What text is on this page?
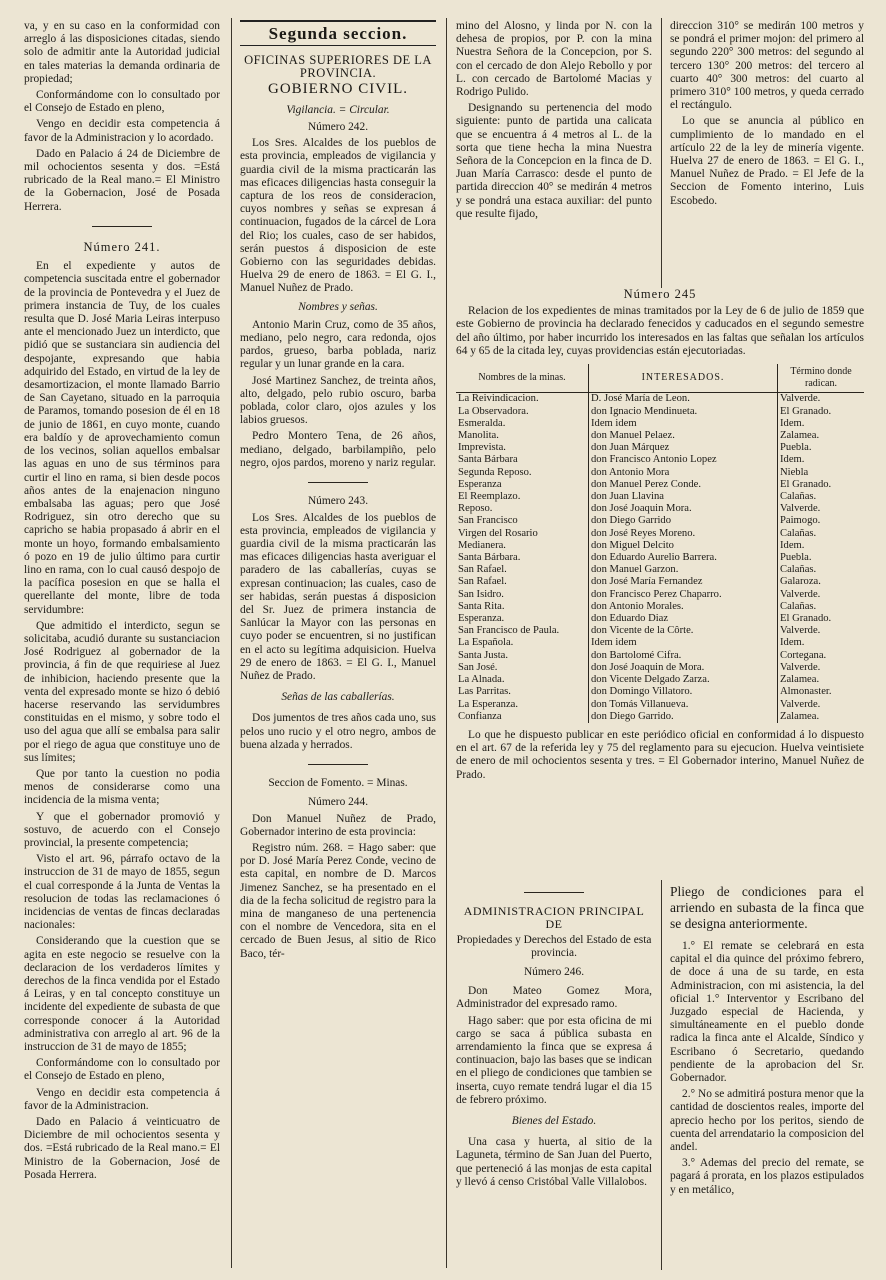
va, y en su caso en la conformidad con arreglo á las disposiciones citadas, siendo solo de admitir ante la Autoridad judicial en tales materias la demanda ordinaria de propiedad;

Conformándome con lo consultado por el Consejo de Estado en pleno,

Vengo en decidir esta competencia á favor de la Administracion y lo acordado.

Dado en Palacio á 24 de Diciembre de mil ochocientos sesenta y dos. =Está rubricado de la Real mano.= El Ministro de la Gobernacion, José de Posada Herrera.

Número 241.

En el expediente y autos de competencia suscitada entre el gobernador de la provincia de Pontevedra y el Juez de primera instancia de Tuy, de los cuales resulta que D. José Maria Leiras interpuso ante el mencionado Juez un interdicto, que pidió que se sustanciara sin audiencia del despojante, expresando que habia adquirido del Estado, en virtud de la ley de desamortizacion, el monte llamado Barrio de San Cayetano, situado en la parroquia de Paramos, tomando posesion de él en 18 de junio de 1861, en cuyo monte, cuando era baldío y de aprovechamiento comun de los vecinos, solian aquellos embalsar las aguas en uno de sus términos para curtir el lino en rama, si bien desde pocos años antes de la enajenacion ninguno embalsaba las aguas; pero que José Rodriguez, sin otro derecho que su capricho se habia propasado á abrir en el monte un hoyo, formando embalsamiento ó pozo en 19 de julio último para curtir lino en rama, con lo cual causó despojo de la pacífica posesion en que se halla el querellante del monte, libre de toda servidumbre:

Que admitido el interdicto, segun se solicitaba, acudió durante su sustanciacion José Rodriguez al gobernador de la provincia, á fin de que requiriese al Juez de inhibicion, haciendo presente que la venta del expresado monte se hizo ó debió hacerse reservando las servidumbres constituidas en el mismo, y sobre todo el uso del agua que allí se embalsa para salir por el riego de agua que constituye uno de sus límites;

Que por tanto la cuestion no podia menos de considerarse como una incidencia de la misma venta;

Y que el gobernador promovió y sostuvo, de acuerdo con el Consejo provincial, la presente competencia;

Visto el art. 96, párrafo octavo de la instruccion de 31 de mayo de 1855, segun el cual corresponde á la Junta de Ventas la resolucion de todas las reclamaciones ó incidencias de ventas de fincas declaradas nacionales:

Considerando que la cuestion que se agita en este negocio se resuelve con la declaracion de los verdaderos límites y derechos de la finca vendida por el Estado á Leiras, y en tal concepto constituye un incidente del expediente de subasta de que corresponde conocer á la Autoridad administrativa con arreglo al art. 96 de la instruccion de 31 de mayo de 1855;

Conformándome con lo consultado por el Consejo de Estado en pleno,

Vengo en decidir esta competencia á favor de la Administracion.

Dado en Palacio á veinticuatro de Diciembre de mil ochocientos sesenta y dos. =Está rubricado de la Real mano.= El Ministro de la Gobernacion, José de Posada Herrera.

Segunda seccion.

OFICINAS SUPERIORES DE LA PROVINCIA.

GOBIERNO CIVIL.

Vigilancia. = Circular.

Número 242.

Los Sres. Alcaldes de los pueblos de esta provincia, empleados de vigilancia y guardia civil de la misma practicarán las mas eficaces diligencias hasta conseguir la captura de los reos de consideracion, cuyos nombres y señas se expresan á continuacion, fugados de la cárcel de Lora del Rio; los cuales, caso de ser habidos, serán puestos á disposicion de este Gobierno con las seguridades debidas. Huelva 29 de enero de 1863. = El G. I., Manuel Nuñez de Prado.

Nombres y señas.

Antonio Marin Cruz, como de 35 años, mediano, pelo negro, cara redonda, ojos pardos, grueso, barba poblada, nariz regular y un lunar grande en la cara.

José Martinez Sanchez, de treinta años, alto, delgado, pelo rubio oscuro, barba poblada, color claro, ojos azules y los labios gruesos.

Pedro Montero Tena, de 26 años, mediano, delgado, barbilampiño, pelo negro, ojos pardos, moreno y nariz regular.

Número 243.

Los Sres. Alcaldes de los pueblos de esta provincia, empleados de vigilancia y guardia civil de la misma practicarán las mas eficaces diligencias hasta averiguar el paradero de las caballerías, cuyas se expresan continuacion; las cuales, caso de ser habidas, serán puestas á disposicion del Sr. Juez de primera instancia de Sanlúcar la Mayor con las personas en cuyo poder se encuentren, si no justifican en el acto su legítima adquisicion. Huelva 29 de enero de 1863. = El G. I., Manuel Nuñez de Prado.

Señas de las caballerías.

Dos jumentos de tres años cada uno, sus pelos uno rucio y el otro negro, ambos de buena alzada y herrados.

Seccion de Fomento. = Minas.

Número 244.

Don Manuel Nuñez de Prado, Gobernador interino de esta provincia:

Registro núm. 268. = Hago saber: que por D. José María Perez Conde, vecino de esta capital, en nombre de D. Marcos Jimenez Sanchez, se ha presentado en el dia de la fecha solicitud de registro para la mina de manganeso de una pertenencia con el nombre de Vencedora, sita en el cercado de Buen Jesus, al sitio de Rico Baco, tér-

mino del Alosno, y linda por N. con la dehesa de propios, por P. con la mina Nuestra Señora de la Concepcion, por S. con el cercado de don Alejo Rebollo y por L. con cercado de Bartolomé Macias y Rodrigo Pulido.

Designando su pertenencia del modo siguiente: punto de partida una calicata que se encuentra á 4 metros al L. de la sorta que tiene hecha la mina Nuestra Señora de la Concepcion en la finca de D. Juan María Carrasco: desde el punto de partida direccion 40° se medirán 4 metros y se pondrá una estaca auxiliar: del punto que resulte fijado,

direccion 310° se medirán 100 metros y se pondrá el primer mojon: del primero al segundo 220° 300 metros: del segundo al tercero 130° 200 metros: del tercero al cuarto 40° 300 metros: del cuarto al primero 310° 100 metros, y queda cerrado el rectángulo.

Lo que se anuncia al público en cumplimiento de lo mandado en el artículo 22 de la ley de minería vigente. Huelva 27 de enero de 1863. = El G. I., Manuel Nuñez de Prado. = El Jefe de la Seccion de Fomento interino, Luis Escobedo.

Número 245

Relacion de los expedientes de minas tramitados por la Ley de 6 de julio de 1859 que este Gobierno de provincia ha declarado fenecidos y caducados en el segundo semestre del año último, por haber incurrido los interesados en las faltas que señalan los artículos 64 y 65 de la citada ley, cuyas providencias están ejecutoriadas.

Nombres de la minas.	INTERESADOS.	Término donde radican.
La Reivindicacion.	D. José María de Leon.	Valverde.
La Observadora.	don Ignacio Mendinueta.	El Granado.
Esmeralda.	Idem idem	Idem.
Manolita.	don Manuel Pelaez.	Zalamea.
Imprevista.	don Juan Márquez	Puebla.
Santa Bárbara	don Francisco Antonio Lopez	Idem.
Segunda Reposo.	don Antonio Mora	Niebla
Esperanza	don Manuel Perez Conde.	El Granado.
El Reemplazo.	don Juan Llavina	Calañas.
Reposo.	don José Joaquin Mora.	Valverde.
San Francisco	don Diego Garrido	Paimogo.
Virgen del Rosario	don José Reyes Moreno.	Calañas.
Medianera.	don Miguel Delcito	Idem.
Santa Bárbara.	don Eduardo Aurelio Barrera.	Puebla.
San Rafael.	don Manuel Garzon.	Calañas.
San Rafael.	don José María Fernandez	Galaroza.
San Isidro.	don Francisco Perez Chaparro.	Valverde.
Santa Rita.	don Antonio Morales.	Calañas.
Esperanza.	don Eduardo Diaz	El Granado.
San Francisco de Paula.	don Vicente de la Côrte.	Valverde.
La Española.	Idem idem	Idem.
Santa Justa.	don Bartolomé Cifra.	Cortegana.
San José.	don José Joaquin de Mora.	Valverde.
La Alnada.	don Vicente Delgado Zarza.	Zalamea.
Las Parritas.	don Domingo Villatoro.	Almonaster.
La Esperanza.	don Tomás Villanueva.	Valverde.
Confianza	don Diego Garrido.	Zalamea.

Lo que he dispuesto publicar en este periódico oficial en conformidad á lo dispuesto en el art. 67 de la referida ley y 75 del reglamento para su ejecucion. Huelva veintisiete de enero de mil ochocientos sesenta y tres. = El Gobernador interino, Manuel Nuñez de Prado.

ADMINISTRACION PRINCIPAL DE

Propiedades y Derechos del Estado de esta provincia.

Número 246.

Don Mateo Gomez Mora, Administrador del expresado ramo.

Hago saber: que por esta oficina de mi cargo se saca á pública subasta en arrendamiento la finca que se expresa á continuacion, bajo las bases que se indican en el pliego de condiciones que tambien se inserta, cuyo remate tendrá lugar el dia 15 de febrero próximo.

Bienes del Estado.

Una casa y huerta, al sitio de la Laguneta, término de San Juan del Puerto, que perteneció á las monjas de esta capital y llevó á censo Cristóbal Valle Villalobos.

Pliego de condiciones para el arriendo en subasta de la finca que se designa anteriormente.

1.° El remate se celebrará en esta capital el dia quince del próximo febrero, de doce á una de su tarde, en esta Administracion, con mi asistencia, la del oficial 1.° Interventor y Escribano del Juzgado especial de Hacienda, y simultáneamente en el pueblo donde radica la finca ante el Alcalde, Síndico y Escribano ó Secretario, quedando pendiente de la aprobacion del Sr. Gobernador.

2.° No se admitirá postura menor que la cantidad de doscientos reales, importe del aprecio hecho por los peritos, siendo de cuenta del arrendatario la composicion del andel.

3.° Ademas del precio del remate, se pagará á prorata, en los plazos estipulados y en metálico,
